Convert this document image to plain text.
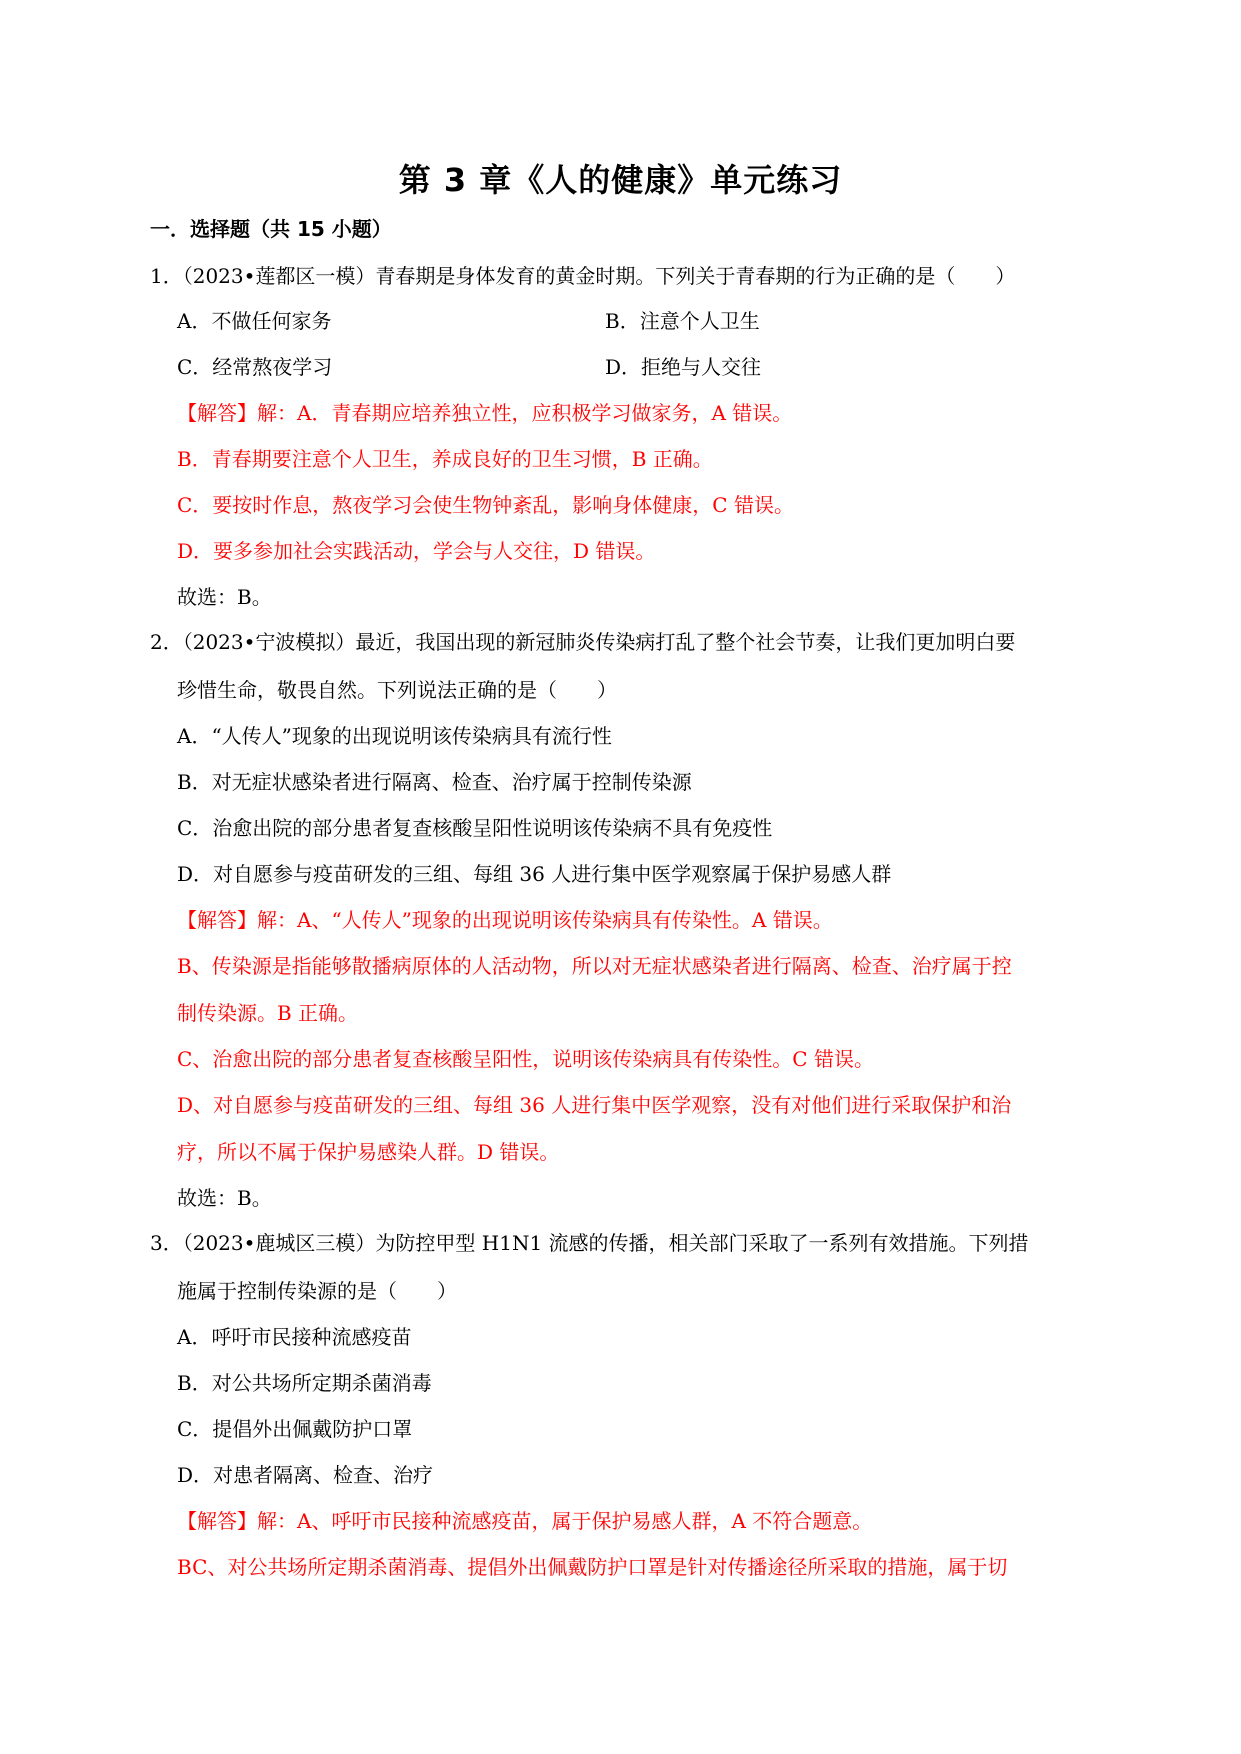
第 3 章《人的健康》单元练习
一．选择题（共 15 小题）
1．（2023•莲都区一模）青春期是身体发育的黄金时期。下列关于青春期的行为正确的是（　　）
A．不做任何家务	B．注意个人卫生
C．经常熬夜学习	D．拒绝与人交往
【解答】解：A．青春期应培养独立性，应积极学习做家务，A 错误。
B．青春期要注意个人卫生，养成良好的卫生习惯，B 正确。
C．要按时作息，熬夜学习会使生物钟紊乱，影响身体健康，C 错误。
D．要多参加社会实践活动，学会与人交往，D 错误。
故选：B。
2．（2023•宁波模拟）最近，我国出现的新冠肺炎传染病打乱了整个社会节奏，让我们更加明白要
珍惜生命，敬畏自然。下列说法正确的是（　　）
A．“人传人”现象的出现说明该传染病具有流行性
B．对无症状感染者进行隔离、检查、治疗属于控制传染源
C．治愈出院的部分患者复查核酸呈阳性说明该传染病不具有免疫性
D．对自愿参与疫苗研发的三组、每组 36 人进行集中医学观察属于保护易感人群
【解答】解：A、“人传人”现象的出现说明该传染病具有传染性。A 错误。
B、传染源是指能够散播病原体的人活动物，所以对无症状感染者进行隔离、检查、治疗属于控
制传染源。B 正确。
C、治愈出院的部分患者复查核酸呈阳性，说明该传染病具有传染性。C 错误。
D、对自愿参与疫苗研发的三组、每组 36 人进行集中医学观察，没有对他们进行采取保护和治
疗，所以不属于保护易感染人群。D 错误。
故选：B。
3．（2023•鹿城区三模）为防控甲型 H1N1 流感的传播，相关部门采取了一系列有效措施。下列措
施属于控制传染源的是（　　）
A．呼吁市民接种流感疫苗
B．对公共场所定期杀菌消毒
C．提倡外出佩戴防护口罩
D．对患者隔离、检查、治疗
【解答】解：A、呼吁市民接种流感疫苗，属于保护易感人群，A 不符合题意。
BC、对公共场所定期杀菌消毒、提倡外出佩戴防护口罩是针对传播途径所采取的措施，属于切
